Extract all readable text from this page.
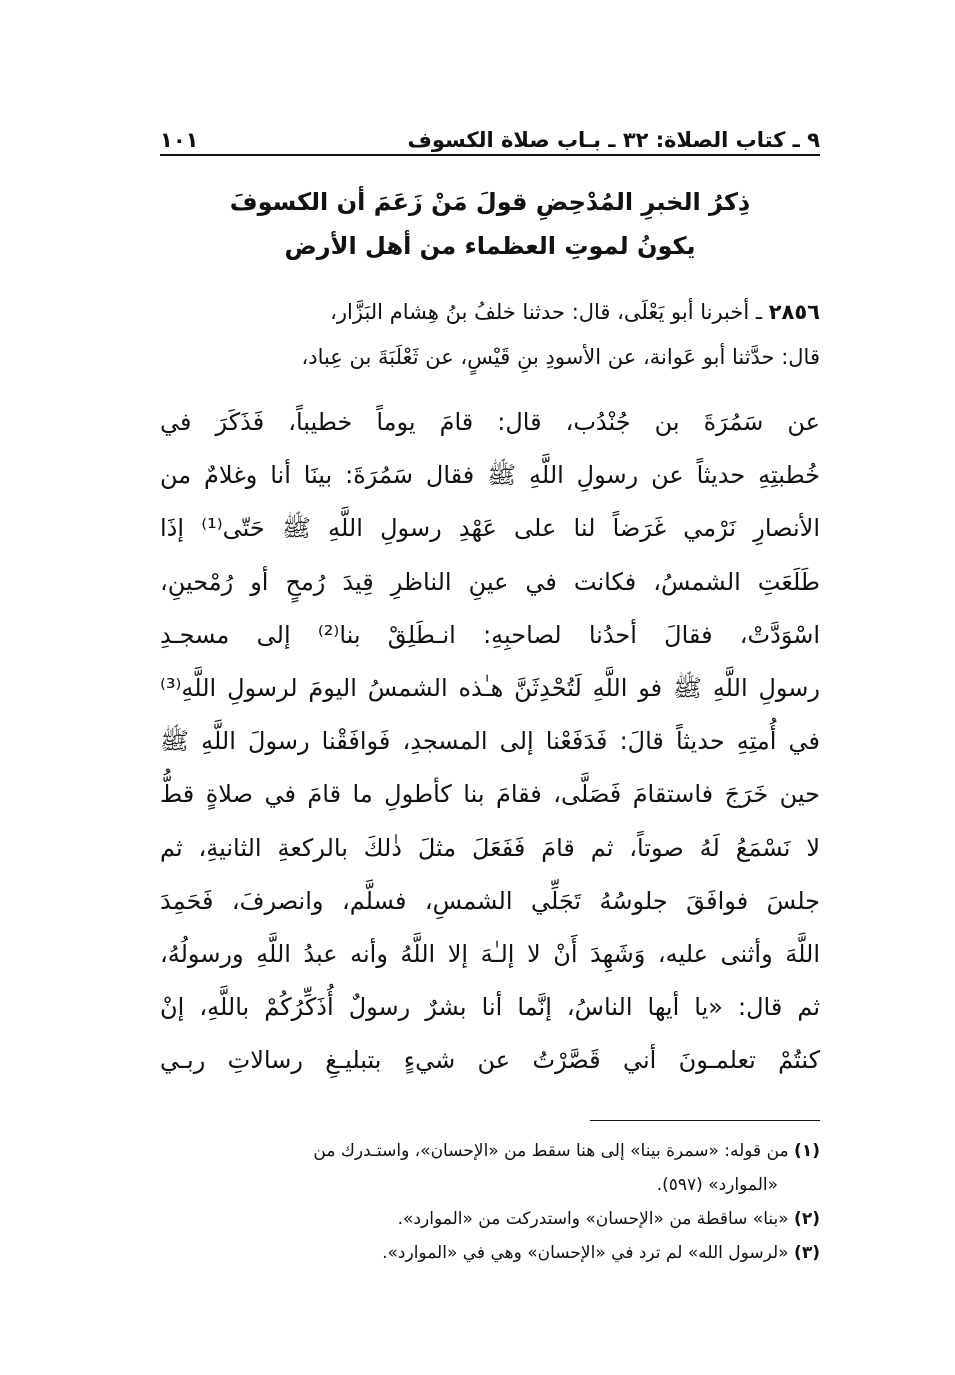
٩ ـ كتاب الصلاة: ٣٢ ـ بـاب صلاة الكسوف
١٠١
ذِكرُ الخبرِ المُدْحِضِ قولَ مَنْ زَعَمَ أن الكسوفَ
يكونُ لموتِ العظماء من أهل الأرض
٢٨٥٦ ـ أخبرنا أبو يَعْلَى، قال: حدثنا خلفُ بنُ هِشام البَزَّار،
قال: حدَّثنا أبو عَوانة، عن الأسودِ بنِ قَيْسٍ، عن ثَعْلَبَةَ بن عِباد،
عن سَمُرَةَ بن جُنْدُب، قال: قامَ يوماً خطيباً، فَذَكَرَ في
خُطبتِهِ حديثاً عن رسولِ اللَّهِ ﷺ فقال سَمُرَةَ: بينَا أنا وغلامٌ من
الأنصارِ نَرْمي غَرَضاً لنا على عَهْدِ رسولِ اللَّهِ ﷺ حَتّى⁽¹⁾ إذَا
طَلَعَتِ الشمسُ، فكانت في عينِ الناظرِ قِيدَ رُمحٍ أو رُمْحينِ،
اسْوَدَّتْ، فقالَ أحدُنا لصاحبِهِ: انـطَلِقْ بنا⁽²⁾ إلى مسجـدِ
رسولِ اللَّهِ ﷺ فو اللَّهِ لَتُحْدِثَنَّ هـٰذه الشمسُ اليومَ لرسولِ اللَّهِ⁽³⁾
في أُمتِهِ حديثاً قالَ: فَدَفَعْنا إلى المسجدِ، فَوافَقْنا رسولَ اللَّهِ ﷺ
حين خَرَجَ فاستقامَ فَصَلَّى، فقامَ بنا كأطولِ ما قامَ في صلاةٍ قطُّ
لا نَسْمَعُ لَهُ صوتاً، ثم قامَ فَفَعَلَ مثلَ ذٰلكَ بالركعةِ الثانيةِ، ثم
جلسَ فوافَقَ جلوسُهُ تَجَلِّي الشمسِ، فسلَّم، وانصرفَ، فَحَمِدَ
اللَّهَ وأثنى عليه، وَشَهِدَ أَنْ لا إلـٰهَ إلا اللَّهُ وأنه عبدُ اللَّهِ ورسولُهُ،
ثم قال: «يا أيها الناسُ، إنَّما أنا بشرٌ رسولٌ أُذَكِّرُكُمْ باللَّهِ، إنْ
كنتُمْ تعلمـونَ أني قَصَّرْتُ عن شيءٍ بتبليـغِ رسالاتِ ربـي
(١) من قوله: «سمرة بينا» إلى هنا سقط من «الإحسان»، واستـدرك من
«الموارد» (٥٩٧).
(٢) «بنا» ساقطة من «الإحسان» واستدركت من «الموارد».
(٣) «لرسول الله» لم ترد في «الإحسان» وهي في «الموارد».
